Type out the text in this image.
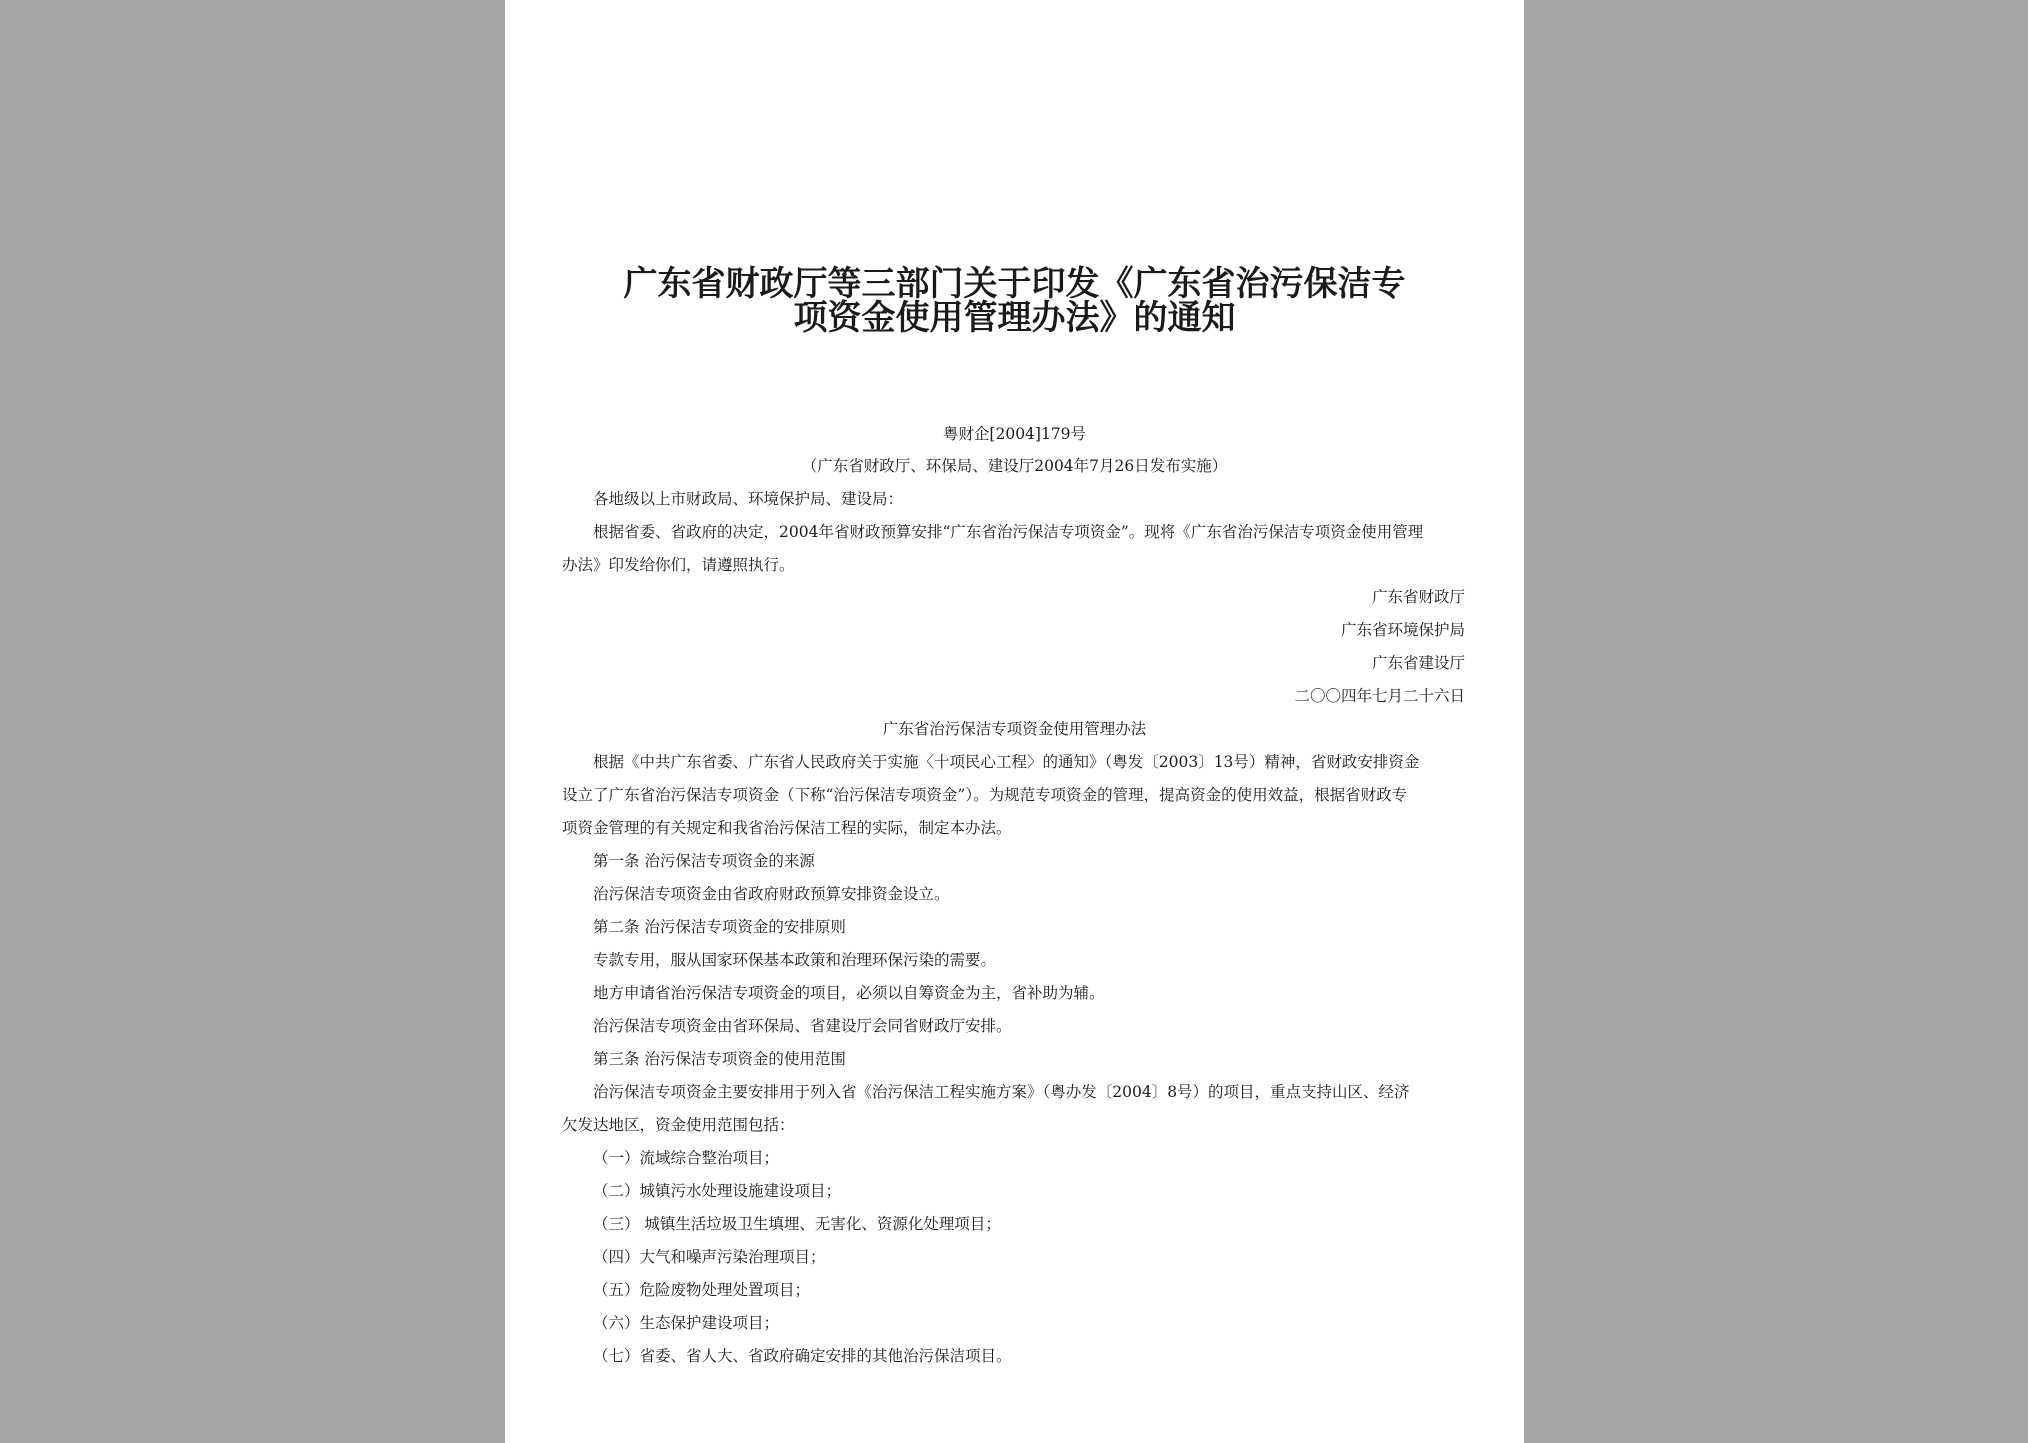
广东省财政厅等三部门关于印发《广东省治污保洁专
项资金使用管理办法》的通知
粤财企[2004]179号
（广东省财政厅、环保局、建设厅2004年7月26日发布实施）
各地级以上市财政局、环境保护局、建设局：
根据省委、省政府的决定，2004年省财政预算安排“广东省治污保洁专项资金”。现将《广东省治污保洁专项资金使用管理
办法》印发给你们，请遵照执行。
广东省财政厅
广东省环境保护局
广东省建设厅
二〇〇四年七月二十六日
广东省治污保洁专项资金使用管理办法
根据《中共广东省委、广东省人民政府关于实施〈十项民心工程〉的通知》（粤发〔2003〕13号）精神，省财政安排资金
设立了广东省治污保洁专项资金（下称“治污保洁专项资金”）。为规范专项资金的管理，提高资金的使用效益，根据省财政专
项资金管理的有关规定和我省治污保洁工程的实际，制定本办法。
第一条 治污保洁专项资金的来源
治污保洁专项资金由省政府财政预算安排资金设立。
第二条 治污保洁专项资金的安排原则
专款专用，服从国家环保基本政策和治理环保污染的需要。
地方申请省治污保洁专项资金的项目，必须以自筹资金为主，省补助为辅。
治污保洁专项资金由省环保局、省建设厅会同省财政厅安排。
第三条 治污保洁专项资金的使用范围
治污保洁专项资金主要安排用于列入省《治污保洁工程实施方案》（粤办发〔2004〕8号）的项目，重点支持山区、经济
欠发达地区，资金使用范围包括：
（一）流域综合整治项目；
（二）城镇污水处理设施建设项目；
（三） 城镇生活垃圾卫生填埋、无害化、资源化处理项目；
（四）大气和噪声污染治理项目；
（五）危险废物处理处置项目；
（六）生态保护建设项目；
（七）省委、省人大、省政府确定安排的其他治污保洁项目。
